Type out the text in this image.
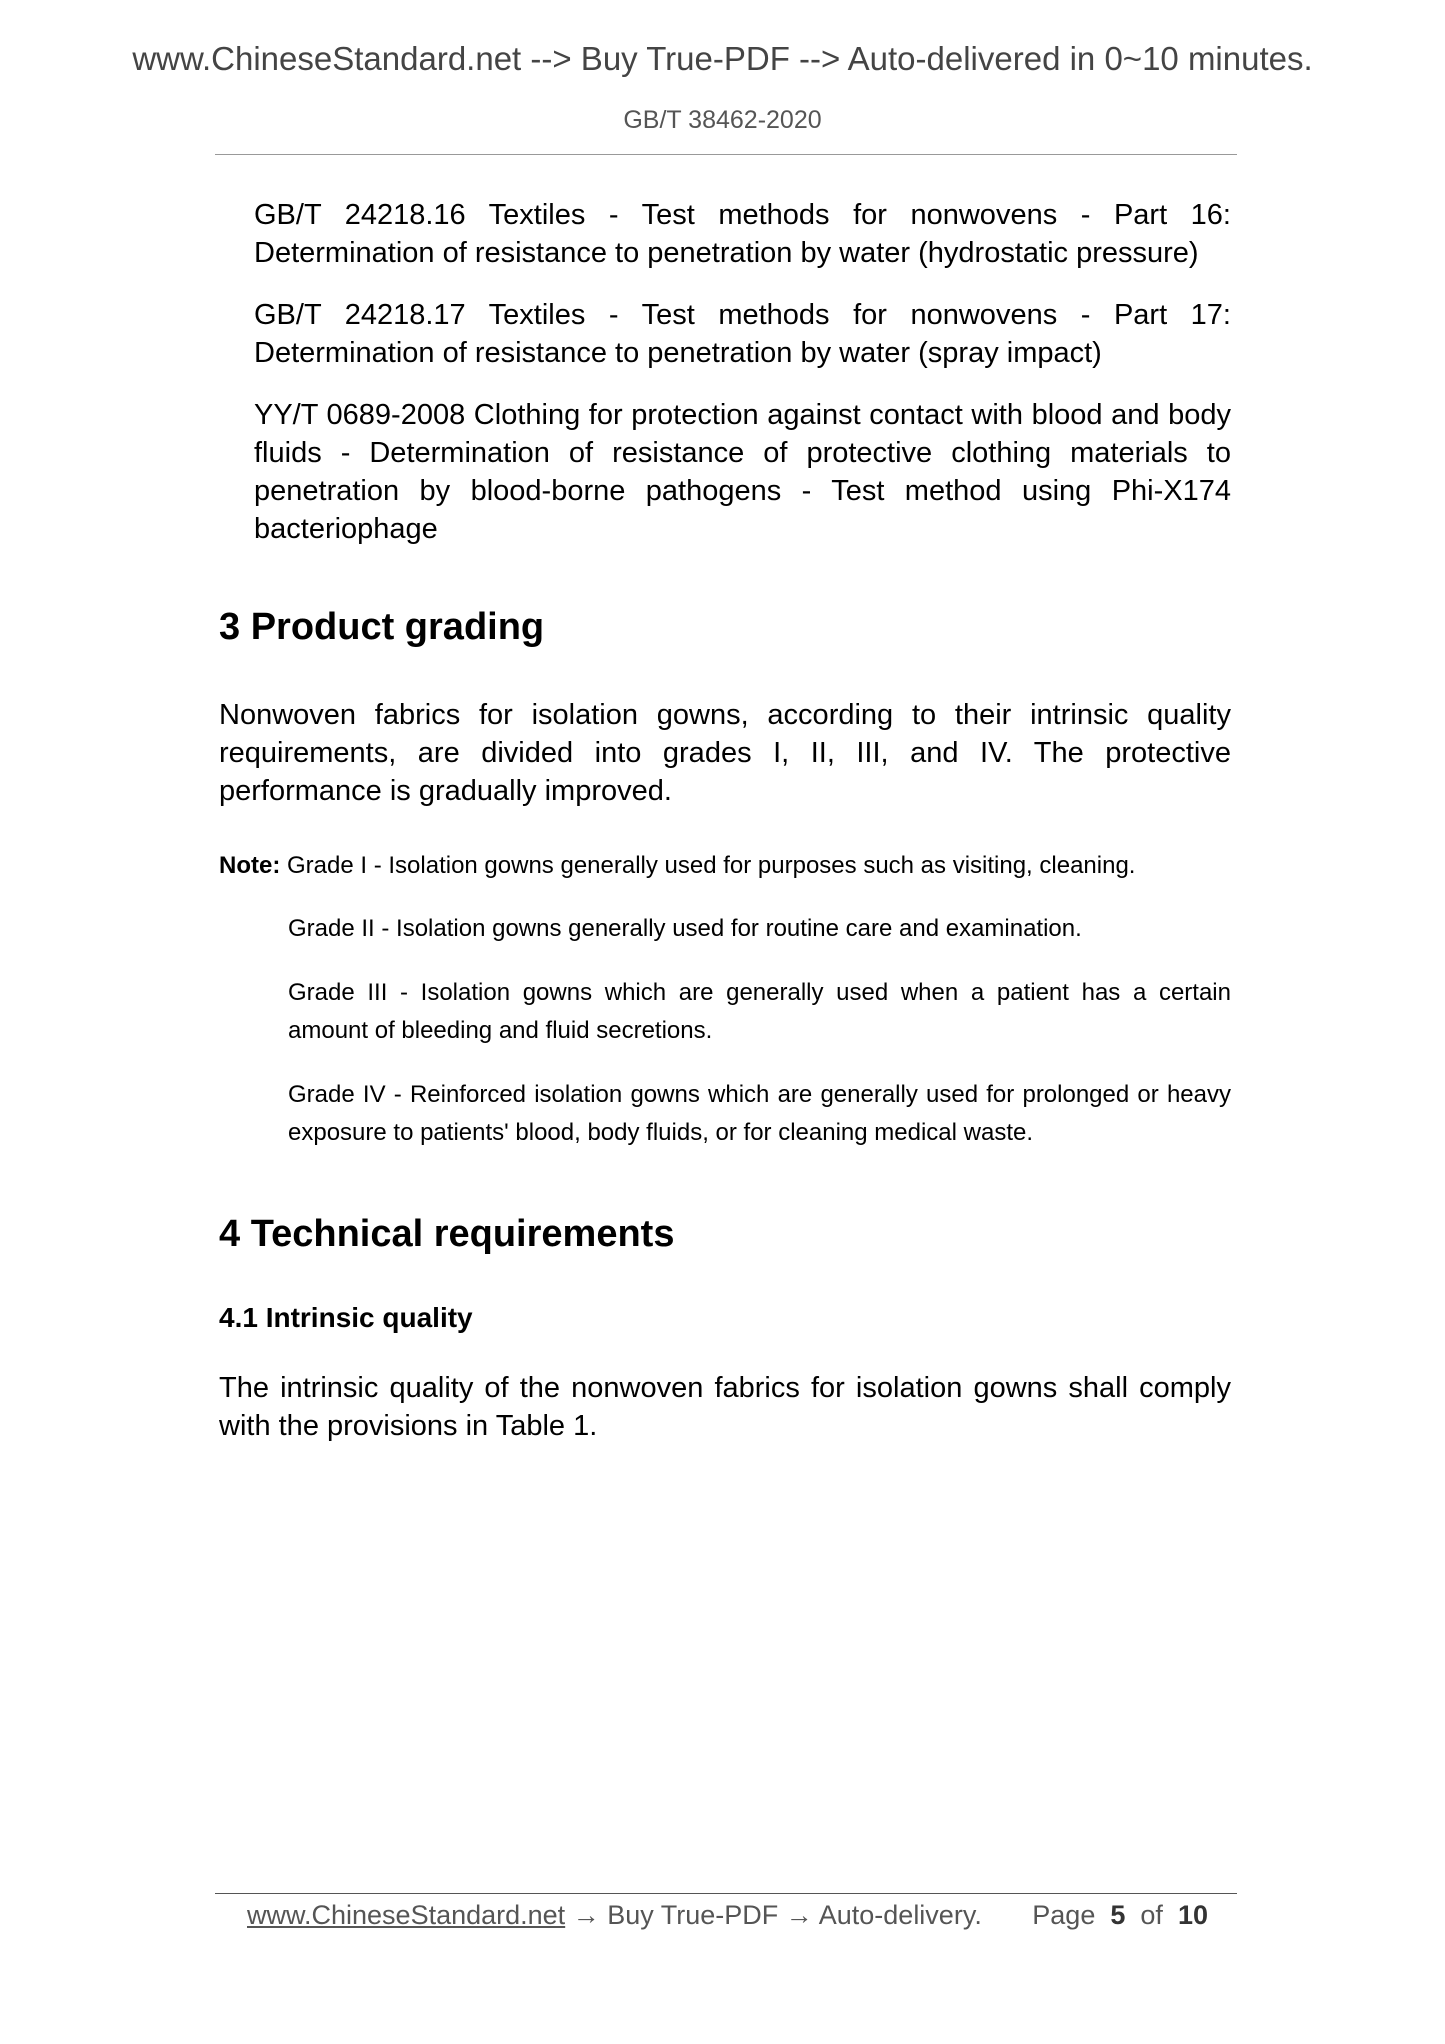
www.ChineseStandard.net --> Buy True-PDF --> Auto-delivered in 0~10 minutes.
GB/T 38462-2020

GB/T 24218.16 Textiles - Test methods for nonwovens - Part 16: Determination of resistance to penetration by water (hydrostatic pressure)

GB/T 24218.17 Textiles - Test methods for nonwovens - Part 17: Determination of resistance to penetration by water (spray impact)

YY/T 0689-2008 Clothing for protection against contact with blood and body fluids - Determination of resistance of protective clothing materials to penetration by blood-borne pathogens - Test method using Phi-X174 bacteriophage

3 Product grading
Nonwoven fabrics for isolation gowns, according to their intrinsic quality requirements, are divided into grades I, II, III, and IV. The protective performance is gradually improved.
Note: Grade I - Isolation gowns generally used for purposes such as visiting, cleaning.
Grade II - Isolation gowns generally used for routine care and examination.
Grade III - Isolation gowns which are generally used when a patient has a certain amount of bleeding and fluid secretions.
Grade IV - Reinforced isolation gowns which are generally used for prolonged or heavy exposure to patients' blood, body fluids, or for cleaning medical waste.
4 Technical requirements
4.1 Intrinsic quality
The intrinsic quality of the nonwoven fabrics for isolation gowns shall comply with the provisions in Table 1.
www.ChineseStandard.net → Buy True-PDF → Auto-delivery. Page 5 of 10
